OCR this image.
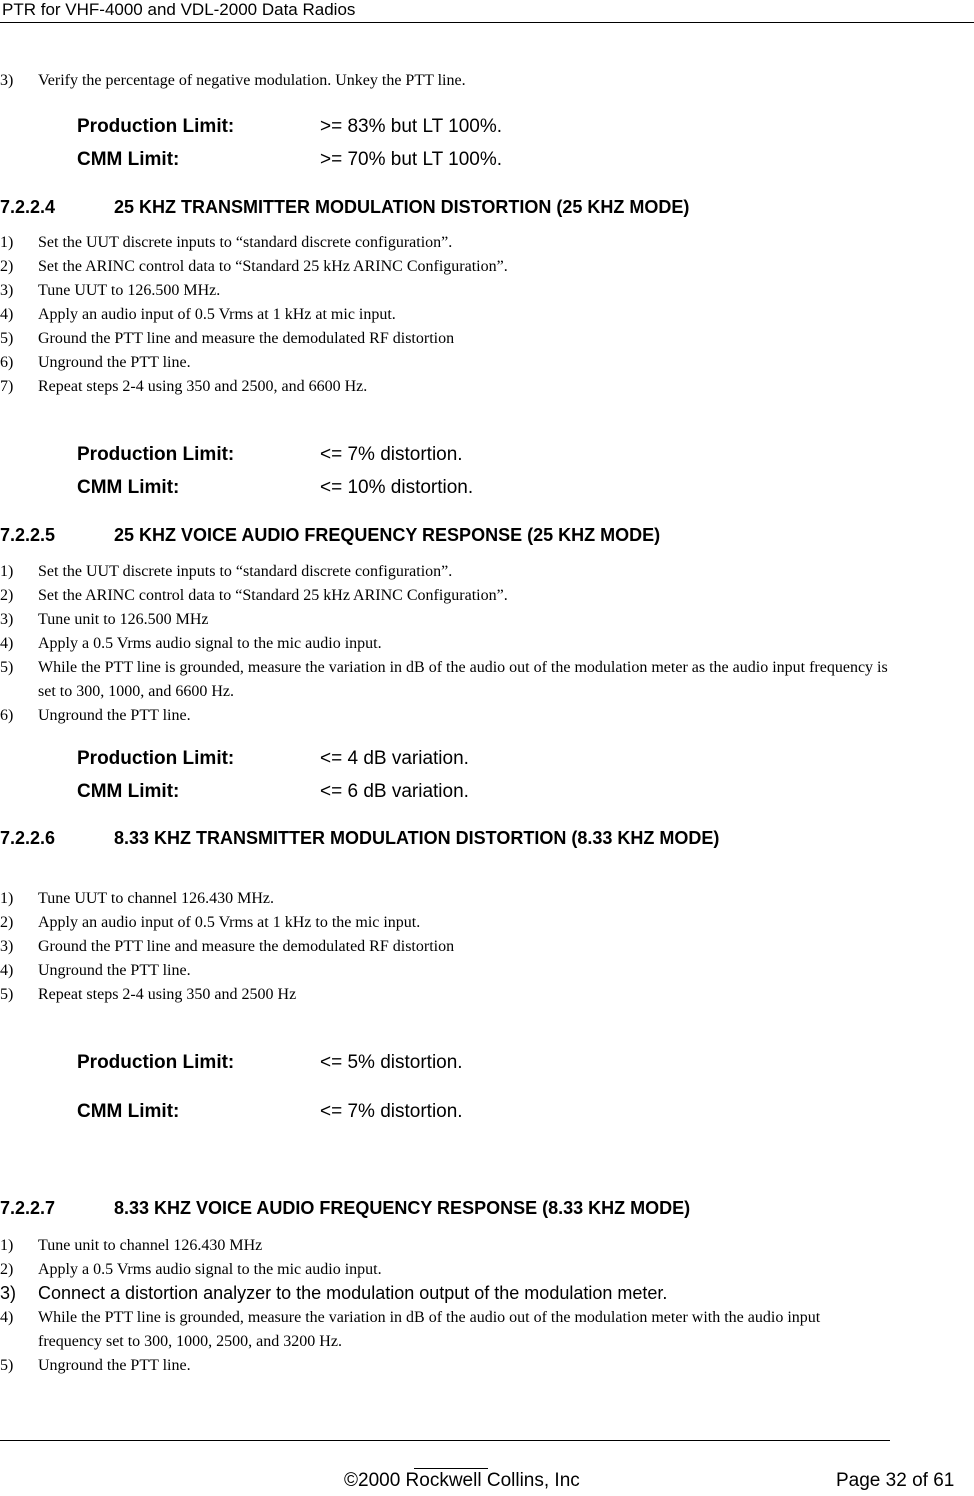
PTR for VHF-4000 and VDL-2000 Data Radios
3) Verify the percentage of negative modulation. Unkey the PTT line.
Production Limit:	>= 83% but LT 100%.
CMM Limit:	>= 70% but LT 100%.
7.2.2.4	25 KHZ TRANSMITTER MODULATION DISTORTION (25 KHZ MODE)
1) Set the UUT discrete inputs to “standard discrete configuration”.
2) Set the ARINC control data to “Standard 25 kHz ARINC Configuration”.
3) Tune UUT to 126.500 MHz.
4) Apply an audio input of 0.5 Vrms at 1 kHz at mic input.
5) Ground the PTT line and measure the demodulated RF distortion
6) Unground the PTT line.
7) Repeat steps 2-4 using 350 and 2500, and 6600 Hz.
Production Limit:	<= 7% distortion.
CMM Limit:	<= 10% distortion.
7.2.2.5	25 KHZ VOICE AUDIO FREQUENCY RESPONSE (25 KHZ MODE)
1) Set the UUT discrete inputs to “standard discrete configuration”.
2) Set the ARINC control data to “Standard 25 kHz ARINC Configuration”.
3) Tune unit to 126.500 MHz
4) Apply a 0.5 Vrms audio signal to the mic audio input.
5) While the PTT line is grounded, measure the variation in dB of the audio out of the modulation meter as the audio input frequency is set to 300, 1000, and 6600 Hz.
6) Unground the PTT line.
Production Limit:	<= 4 dB variation.
CMM Limit:	<= 6 dB variation.
7.2.2.6	8.33 KHZ TRANSMITTER MODULATION DISTORTION (8.33 KHZ MODE)
1) Tune UUT to channel 126.430 MHz.
2) Apply an audio input of 0.5 Vrms at 1 kHz to the mic input.
3) Ground the PTT line and measure the demodulated RF distortion
4) Unground the PTT line.
5) Repeat steps 2-4 using 350 and 2500 Hz
Production Limit:	<= 5% distortion.
CMM Limit:	<= 7% distortion.
7.2.2.7	8.33 KHZ VOICE AUDIO FREQUENCY RESPONSE (8.33 KHZ MODE)
1) Tune unit to channel 126.430 MHz
2) Apply a 0.5 Vrms audio signal to the mic audio input.
3) Connect a distortion analyzer to the modulation output of the modulation meter.
4) While the PTT line is grounded, measure the variation in dB of the audio out of the modulation meter with the audio input frequency set to 300, 1000, 2500, and 3200 Hz.
5) Unground the PTT line.
©2000 Rockwell Collins, Inc	Page 32 of 61
